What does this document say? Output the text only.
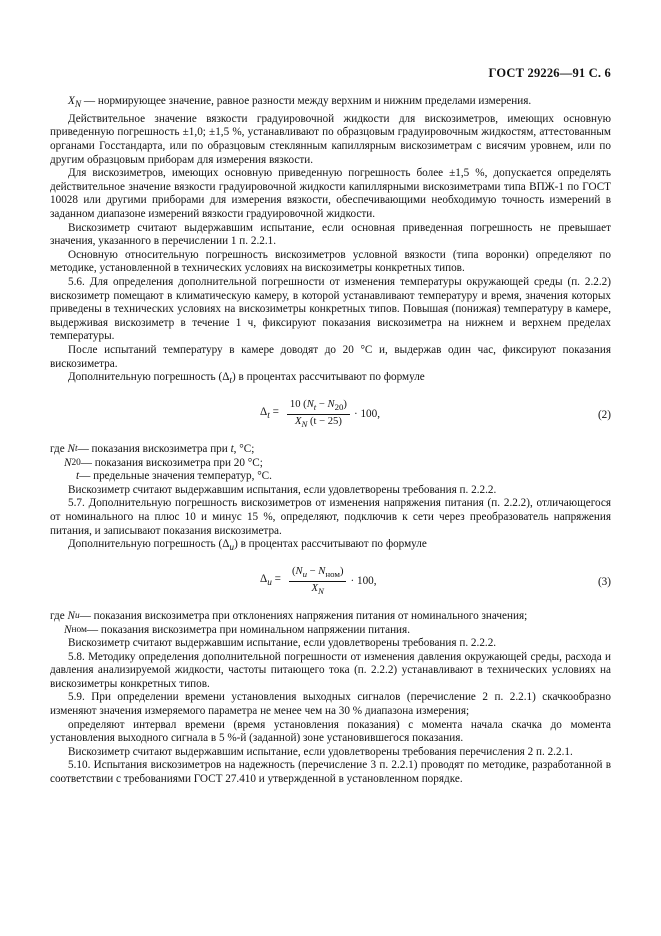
ГОСТ 29226—91 С. 6

$X_N$ — нормирующее значение, равное разности между верхним и нижним пределами измерения.

Действительное значение вязкости градуировочной жидкости для вискозиметров, имеющих основную приведенную погрешность ±1,0; ±1,5 %, устанавливают по образцовым градуировочным жидкостям, аттестованным органами Госстандарта, или по образцовым стеклянным капиллярным вискозиметрам с висячим уровнем, или по другим образцовым приборам для измерения вязкости.

Для вискозиметров, имеющих основную приведенную погрешность более ±1,5 %, допускается определять действительное значение вязкости градуировочной жидкости капиллярными вискозиметрами типа ВПЖ-1 по ГОСТ 10028 или другими приборами для измерения вязкости, обеспечивающими необходимую точность измерений в заданном диапазоне измерений вязкости градуировочной жидкости.

Вискозиметр считают выдержавшим испытание, если основная приведенная погрешность не превышает значения, указанного в перечислении 1 п. 2.2.1.

Основную относительную погрешность вискозиметров условной вязкости (типа воронки) определяют по методике, установленной в технических условиях на вискозиметры конкретных типов.

5.6. Для определения дополнительной погрешности от изменения температуры окружающей среды (п. 2.2.2) вискозиметр помещают в климатическую камеру, в которой устанавливают температуру и время, значения которых приведены в технических условиях на вискозиметры конкретных типов. Повышая (понижая) температуру в камере, выдерживая вискозиметр в течение 1 ч, фиксируют показания вискозиметра на нижнем и верхнем пределах температуры.

После испытаний температуру в камере доводят до 20 °С и, выдержав один час, фиксируют показания вискозиметра.

Дополнительную погрешность $(\Delta_t)$ в процентах рассчитывают по формуле

$\Delta_t = \frac{10 (N_t - N_{20})}{X_N (t - 25)} \cdot 100$,	(2)
где
N t — показания вискозиметра при
t , °С;
N 20 — показания вискозиметра при 20 °С;
t — предельные значения температур, °С.

Вискозиметр считают выдержавшим испытания, если удовлетворены требования п. 2.2.2.

5.7. Дополнительную погрешность вискозиметров от изменения напряжения питания (п. 2.2.2), отличающегося от номинального на плюс 10 и минус 15 %, определяют, подключив к сети через преобразователь напряжения питания, и записывают показания вискозиметра.

Дополнительную погрешность $(\Delta_u)$ в процентах рассчитывают по формуле

$\Delta_u = \frac{(N_u - N_{ном})}{X_N} \cdot 100$,	(3)
где
N u — показания вискозиметра при отклонениях напряжения питания от номинального значения;
N ном — показания вискозиметра при номинальном напряжении питания.

Вискозиметр считают выдержавшим испытание, если удовлетворены требования п. 2.2.2.

5.8. Методику определения дополнительной погрешности от изменения давления окружающей среды, расхода и давления анализируемой жидкости, частоты питающего тока (п. 2.2.2) устанавливают в технических условиях на вискозиметры конкретных типов.

5.9. При определении времени установления выходных сигналов (перечисление 2 п. 2.2.1) скачкообразно изменяют значения измеряемого параметра не менее чем на 30 % диапазона измерения;

определяют интервал времени (время установления показания) с момента начала скачка до момента установления выходного сигнала в 5 %-й (заданной) зоне установившегося показания.

Вискозиметр считают выдержавшим испытание, если удовлетворены требования перечисления 2 п. 2.2.1.

5.10. Испытания вискозиметров на надежность (перечисление 3 п. 2.2.1) проводят по методике, разработанной в соответствии с требованиями ГОСТ 27.410 и утвержденной в установленном порядке.
